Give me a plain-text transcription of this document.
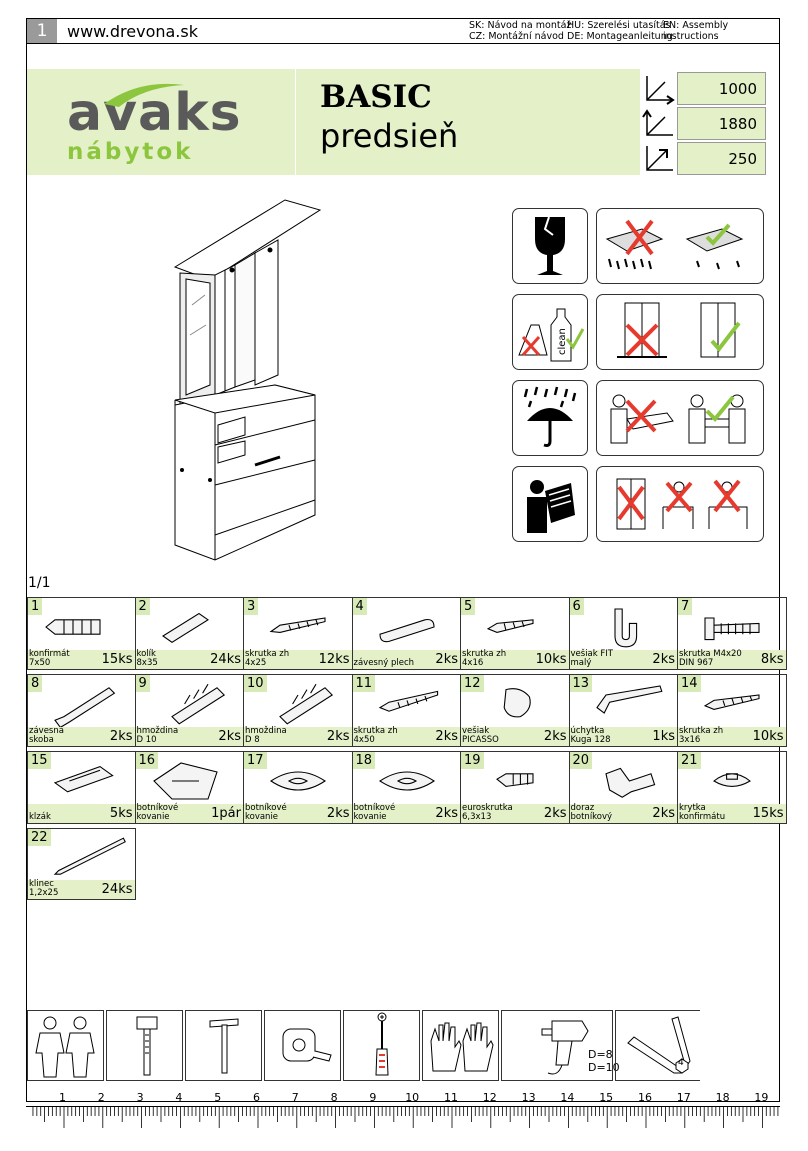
1	www.drevona.sk	SK: Návod na montáž
HU: Szerelési utasítás
EN: Assembly instructions
CZ: Montážní návod DE: Montageanleitung
avaks
nábytok
BASIC
predsieň
1000
1880
250
clean
1/1
1
konfirmát
7x50	15ks
2
kolík
8x35	24ks
3
skrutka zh
4x25	12ks
4
závesný plech 2ks
5
skrutka zh
4x16	10ks
6
vešiak FIT
malý	2ks
7
skrutka M4x20
DIN 967	8ks
8
závesná
skoba	2ks
9
hmoždina
D 10	2ks
10
hmoždina
D 8	2ks
11
skrutka zh
4x50	2ks
12
vešiak
PICASSO	2ks
13
úchytka
Kuga 128	1ks
14
skrutka zh
3x16	10ks
15
klzák	5ks
16
botníkové
kovanie	1pár
17
botníkové
kovanie	2ks
18
botníkové
kovanie	2ks
19
euroskrutka
6,3x13	2ks
20
doraz
botníkový	2ks
21
krytka
konfirmátu 15ks
22
klinec
1,2x25	24ks
D=8
D=10	4
1	2	3	4	5	6	7	8	9	10 11 12 13 14 15 16 17 18 19
